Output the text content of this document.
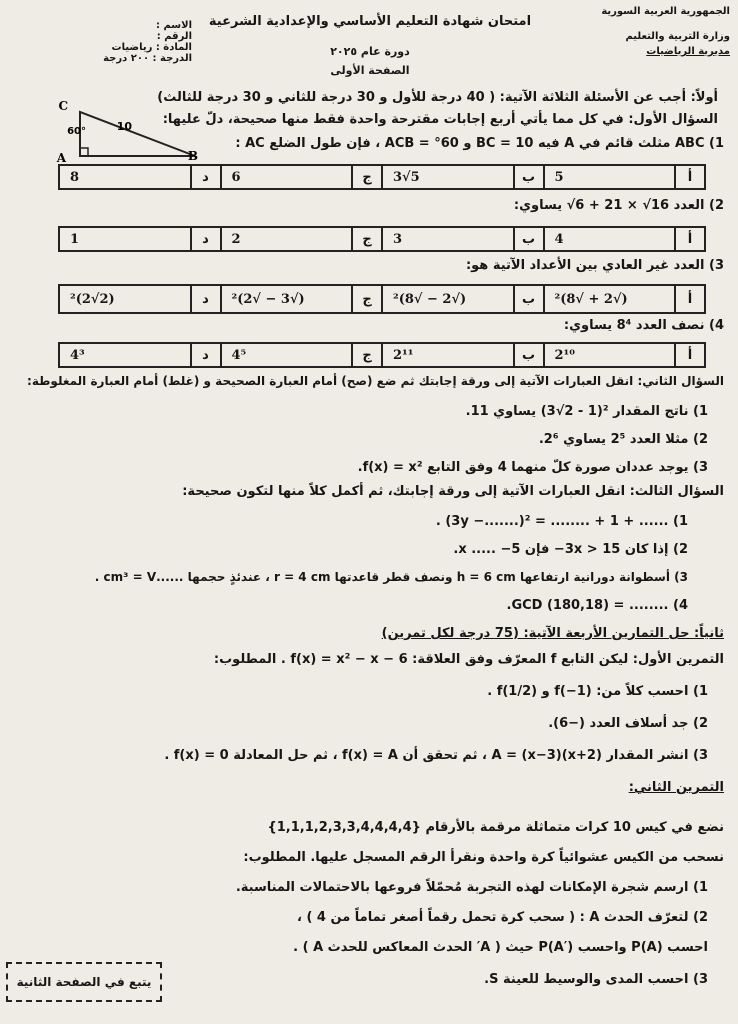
الجمهورية العربية السورية
وزارة التربية والتعليم
مديرية الرياضيات
امتحان شهادة التعليم الأساسي والإعدادية الشرعية
دورة عام ٢٠٢٥
الصفحة الأولى
الاسم :
الرقم :
المادة : رياضيات
الدرجة : ٢٠٠ درجة
أولاً: أجب عن الأسئلة الثلاثة الآتية: ( 40 درجة للأول و 30 درجة للثاني و 30 درجة للثالث)
السؤال الأول: في كل مما يأتي أربع إجابات مقترحة واحدة فقط منها صحيحة، دلّ عليها:
C
A	B
60°	10
1) ABC مثلث قائم في A فيه 10 = BC و 60° = ACB ، فإن طول الضلع AC :
أ
5
ب
5√3
ج
6
د
8
2) العدد 16√ × 21 + 6√ يساوي:
أ
4
ب
3
ج
2
د
1
3) العدد غير العادي بين الأعداد الآتية هو:
أ
(√2 + √8)²
ب
(√2 − √8)²
ج
(√3 − √2)²
د
(2√2)²
4) نصف العدد 8⁴ يساوي:
أ
2¹⁰
ب
2¹¹
ج
4⁵
د
4³
السؤال الثاني: انقل العبارات الآتية إلى ورقة إجابتك ثم ضع (صح) أمام العبارة الصحيحة و (غلط) أمام العبارة المغلوطة:
1) ناتج المقدار ²(1 - 2√3) يساوي 11.
2) مثلا العدد 2⁵ يساوي 2⁶.
3) يوجد عددان صورة كلّ منهما 4 وفق التابع f(x) = x².
السؤال الثالث: انقل العبارات الآتية إلى ورقة إجابتك، ثم أكمل كلاً منها لتكون صحيحة:
1) ...... + 1 + ........ = ²(.......− 3y) .
2) إذا كان 15 < 3x− فإن 5− ..... x.
3) أسطوانة دورانية ارتفاعها h = 6 cm ونصف قطر قاعدتها r = 4 cm ، عندئذٍ حجمها ......cm³ = V .
4) ........ = GCD (180,18).
ثانياً: حل التمارين الأربعة الآتية: (75 درجة لكل تمرين)
التمرين الأول: ليكن التابع f المعرّف وفق العلاقة: f(x) = x² − x − 6 . المطلوب:
1) احسب كلاً من: f(−1) و f(1/2) .
2) جد أسلاف العدد (−6).
3) انشر المقدار A = (x−3)(x+2) ، ثم تحقق أن f(x) = A ، ثم حل المعادلة f(x) = 0 .
التمرين الثاني:
نضع في كيس 10 كرات متماثلة مرقمة بالأرقام {1,1,1,2,3,3,4,4,4,4}
نسحب من الكيس عشوائياً كرة واحدة ونقرأ الرقم المسجل عليها. المطلوب:
1) ارسم شجرة الإمكانات لهذه التجربة مُحمّلاً فروعها بالاحتمالات المناسبة.
2) لتعرّف الحدث A : ( سحب كرة تحمل رقماً أصغر تماماً من 4 ) ،
احسب P(A) واحسب P(A′) حيث ( A′ الحدث المعاكس للحدث A ) .
3) احسب المدى والوسيط للعينة S.
يتبع في الصفحة الثانية
